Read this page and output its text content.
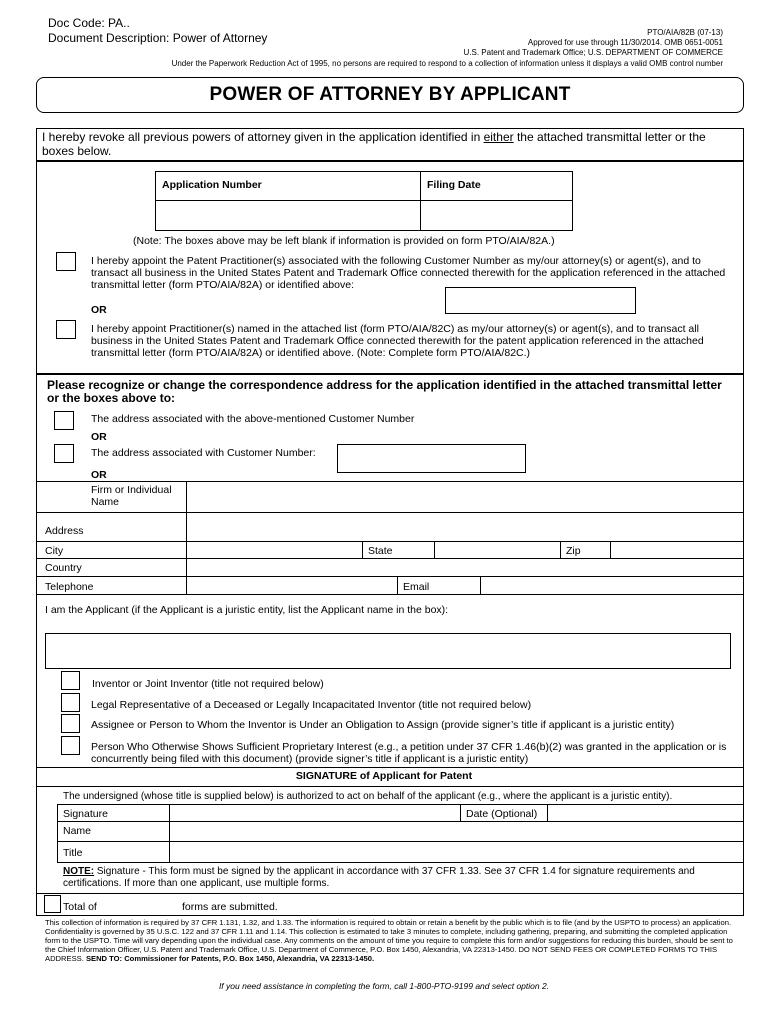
Doc Code: PA..
Document Description: Power of Attorney	PTO/AIA/82B (07-13)
Approved for use through 11/30/2014. OMB 0651-0051
U.S. Patent and Trademark Office; U.S. DEPARTMENT OF COMMERCE
Under the Paperwork Reduction Act of 1995, no persons are required to respond to a collection of information unless it displays a valid OMB control number
POWER OF ATTORNEY BY APPLICANT
I hereby revoke all previous powers of attorney given in the application identified in either the attached transmittal letter or the boxes below.
Application Number	Filing Date
(Note: The boxes above may be left blank if information is provided on form PTO/AIA/82A.)
I hereby appoint the Patent Practitioner(s) associated with the following Customer Number as my/our attorney(s) or agent(s), and to transact all business in the United States Patent and Trademark Office connected therewith for the application referenced in the attached transmittal letter (form PTO/AIA/82A) or identified above:
OR
I hereby appoint Practitioner(s) named in the attached list (form PTO/AIA/82C) as my/our attorney(s) or agent(s), and to transact all business in the United States Patent and Trademark Office connected therewith for the patent application referenced in the attached transmittal letter (form PTO/AIA/82A) or identified above. (Note: Complete form PTO/AIA/82C.)
Please recognize or change the correspondence address for the application identified in the attached transmittal letter or the boxes above to:
The address associated with the above-mentioned Customer Number
OR
The address associated with Customer Number:
OR
Firm or Individual Name
Address
City	State	Zip
Country
Telephone	Email
I am the Applicant (if the Applicant is a juristic entity, list the Applicant name in the box):
Inventor or Joint Inventor (title not required below)
Legal Representative of a Deceased or Legally Incapacitated Inventor (title not required below)
Assignee or Person to Whom the Inventor is Under an Obligation to Assign (provide signer’s title if applicant is a juristic entity)
Person Who Otherwise Shows Sufficient Proprietary Interest (e.g., a petition under 37 CFR 1.46(b)(2) was granted in the application or is concurrently being filed with this document) (provide signer’s title if applicant is a juristic entity)
SIGNATURE of Applicant for Patent
The undersigned (whose title is supplied below) is authorized to act on behalf of the applicant (e.g., where the applicant is a juristic entity).
Signature	Date (Optional)
Name
Title
NOTE: Signature - This form must be signed by the applicant in accordance with 37 CFR 1.33. See 37 CFR 1.4 for signature requirements and certifications. If more than one applicant, use multiple forms.
Total of	forms are submitted.
This collection of information is required by 37 CFR 1.131, 1.32, and 1.33. The information is required to obtain or retain a benefit by the public which is to file (and by the USPTO to process) an application. Confidentiality is governed by 35 U.S.C. 122 and 37 CFR 1.11 and 1.14. This collection is estimated to take 3 minutes to complete, including gathering, preparing, and submitting the completed application form to the USPTO. Time will vary depending upon the individual case. Any comments on the amount of time you require to complete this form and/or suggestions for reducing this burden, should be sent to the Chief Information Officer, U.S. Patent and Trademark Office, U.S. Department of Commerce, P.O. Box 1450, Alexandria, VA 22313-1450. DO NOT SEND FEES OR COMPLETED FORMS TO THIS ADDRESS. SEND TO: Commissioner for Patents, P.O. Box 1450, Alexandria, VA 22313-1450.
If you need assistance in completing the form, call 1-800-PTO-9199 and select option 2.
